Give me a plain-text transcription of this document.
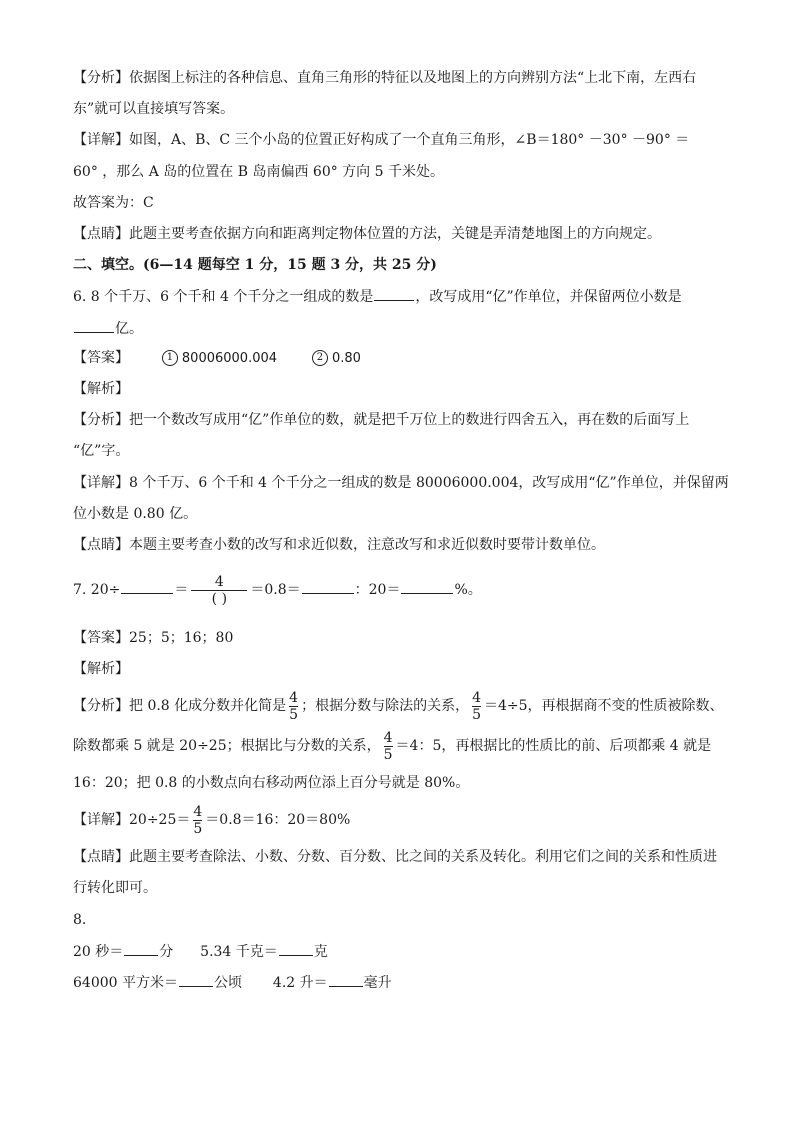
【分析】依据图上标注的各种信息、直角三角形的特征以及地图上的方向辨别方法“上北下南，左西右
东”就可以直接填写答案。
【详解】如图，A、B、C 三个小岛的位置正好构成了一个直角三角形，∠B＝180° －30° －90° ＝
60° ，那么 A 岛的位置在 B 岛南偏西 60° 方向 5 千米处。
故答案为：C
【点睛】此题主要考查依据方向和距离判定物体位置的方法，关键是弄清楚地图上的方向规定。
二、填空。(6—14 题每空 1 分，15 题 3 分，共 25 分)
6. 8 个千万、6 个千和 4 个千分之一组成的数是	，改写成用“亿”作单位，并保留两位小数是
亿。
【答案】	1 80006000.004	2 0.80
【解析】
【分析】把一个数改写成用“亿”作单位的数，就是把千万位上的数进行四舍五入，再在数的后面写上
“亿”字。
【详解】8 个千万、6 个千和 4 个千分之一组成的数是 80006000.004，改写成用“亿”作单位，并保留两
位小数是 0.80 亿。
【点睛】本题主要考查小数的改写和求近似数，注意改写和求近似数时要带计数单位。
7. 20÷	＝ $\frac{4}{( )} =0.8=$	：20＝	%。
【答案】25；5；16；80
【解析】
【分析】把 0.8 化成分数并化简是 $\frac{4}{5}$ ；根据分数与除法的关系， $\frac{4}{5} =4\div 5$，再根据商不变的性质被除数、
除数都乘 5 就是 20÷25；根据比与分数的关系， $\frac{4}{5} =4$：5，再根据比的性质比的前、后项都乘 4 就是
16：20；把 0.8 的小数点向右移动两位添上百分号就是 80%。
【详解】$20\div 25= \frac{4}{5} =0.8=16$：20＝80%
【点睛】此题主要考查除法、小数、分数、百分数、比之间的关系及转化。利用它们之间的关系和性质进
行转化即可。
8.
20 秒＝	分 5.34 千克＝	克
64000 平方米＝	公顷 4.2 升＝	毫升
